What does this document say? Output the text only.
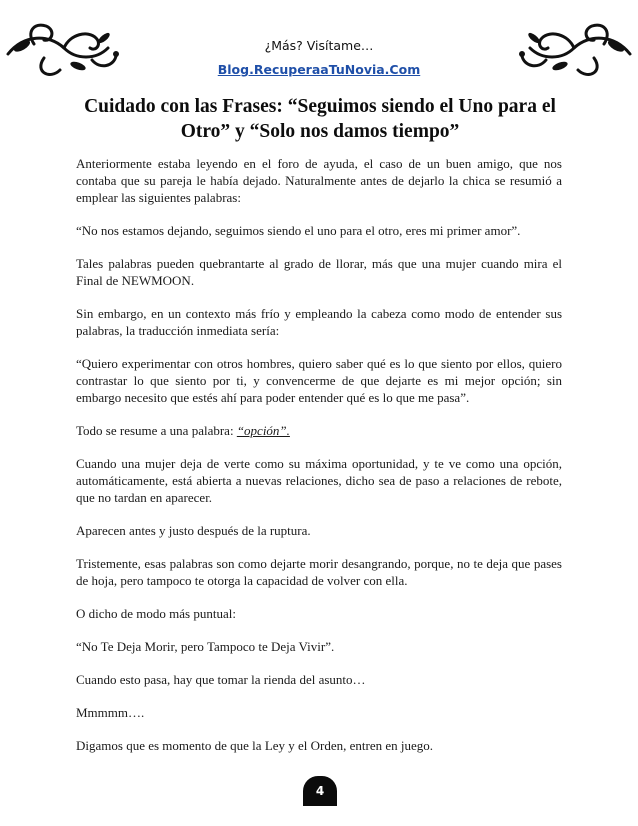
¿Más? Visítame…
Blog.RecuperaaTuNovia.Com
Cuidado con las Frases: “Seguimos siendo el Uno para el Otro” y “Solo nos damos tiempo”

Anteriormente estaba leyendo en el foro de ayuda, el caso de un buen amigo, que nos contaba que su pareja le había dejado. Naturalmente antes de dejarlo la chica se resumió a emplear las siguientes palabras:

“No nos estamos dejando, seguimos siendo el uno para el otro, eres mi primer amor”.

Tales palabras pueden quebrantarte al grado de llorar, más que una mujer cuando mira el Final de NEWMOON.

Sin embargo, en un contexto más frío y empleando la cabeza como modo de entender sus palabras, la traducción inmediata sería:

“Quiero experimentar con otros hombres, quiero saber qué es lo que siento por ellos, quiero contrastar lo que siento por ti, y convencerme de que dejarte es mi mejor opción; sin embargo necesito que estés ahí para poder entender qué es lo que me pasa”.

Todo se resume a una palabra: “opción”.

Cuando una mujer deja de verte como su máxima oportunidad, y te ve como una opción, automáticamente, está abierta a nuevas relaciones, dicho sea de paso a relaciones de rebote, que no tardan en aparecer.

Aparecen antes y justo después de la ruptura.

Tristemente, esas palabras son como dejarte morir desangrando, porque, no te deja que pases de hoja, pero tampoco te otorga la capacidad de volver con ella.

O dicho de modo más puntual:

“No Te Deja Morir, pero Tampoco te Deja Vivir”.

Cuando esto pasa, hay que tomar la rienda del asunto…

Mmmmm….

Digamos que es momento de que la Ley y el Orden, entren en juego.

4
